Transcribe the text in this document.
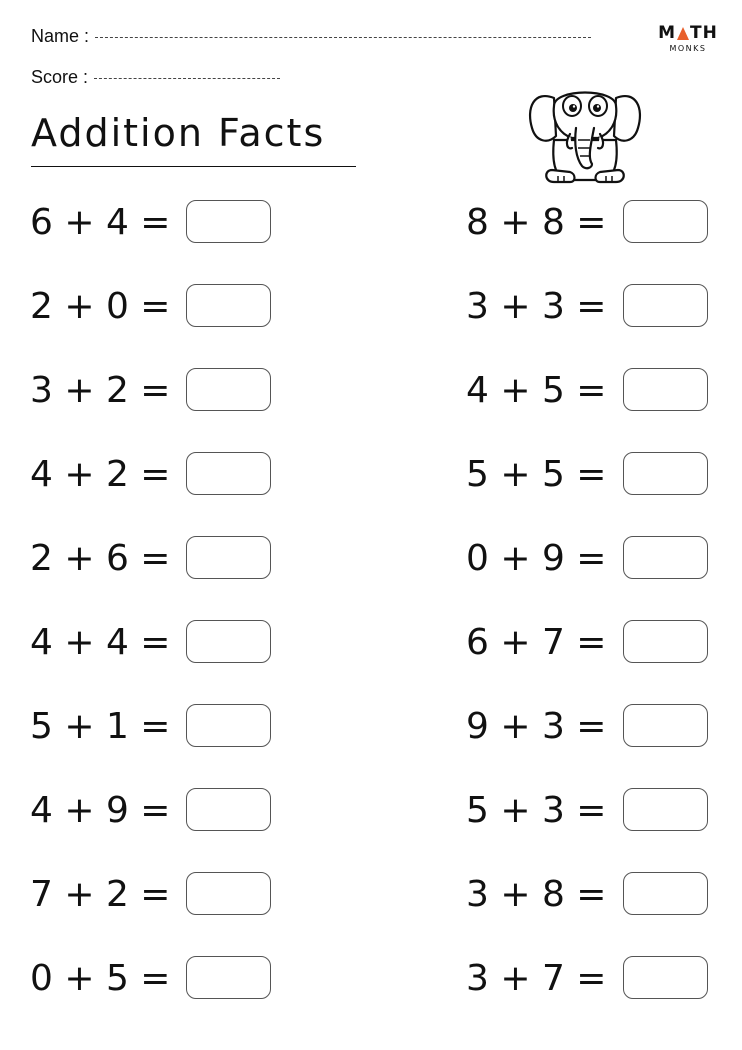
Name :
Score :
M TH
MONKS
Addition Facts
6 + 4 =
2 + 0 =
3 + 2 =
4 + 2 =
2 + 6 =
4 + 4 =
5 + 1 =
4 + 9 =
7 + 2 =
0 + 5 =
8 + 8 =
3 + 3 =
4 + 5 =
5 + 5 =
0 + 9 =
6 + 7 =
9 + 3 =
5 + 3 =
3 + 8 =
3 + 7 =
